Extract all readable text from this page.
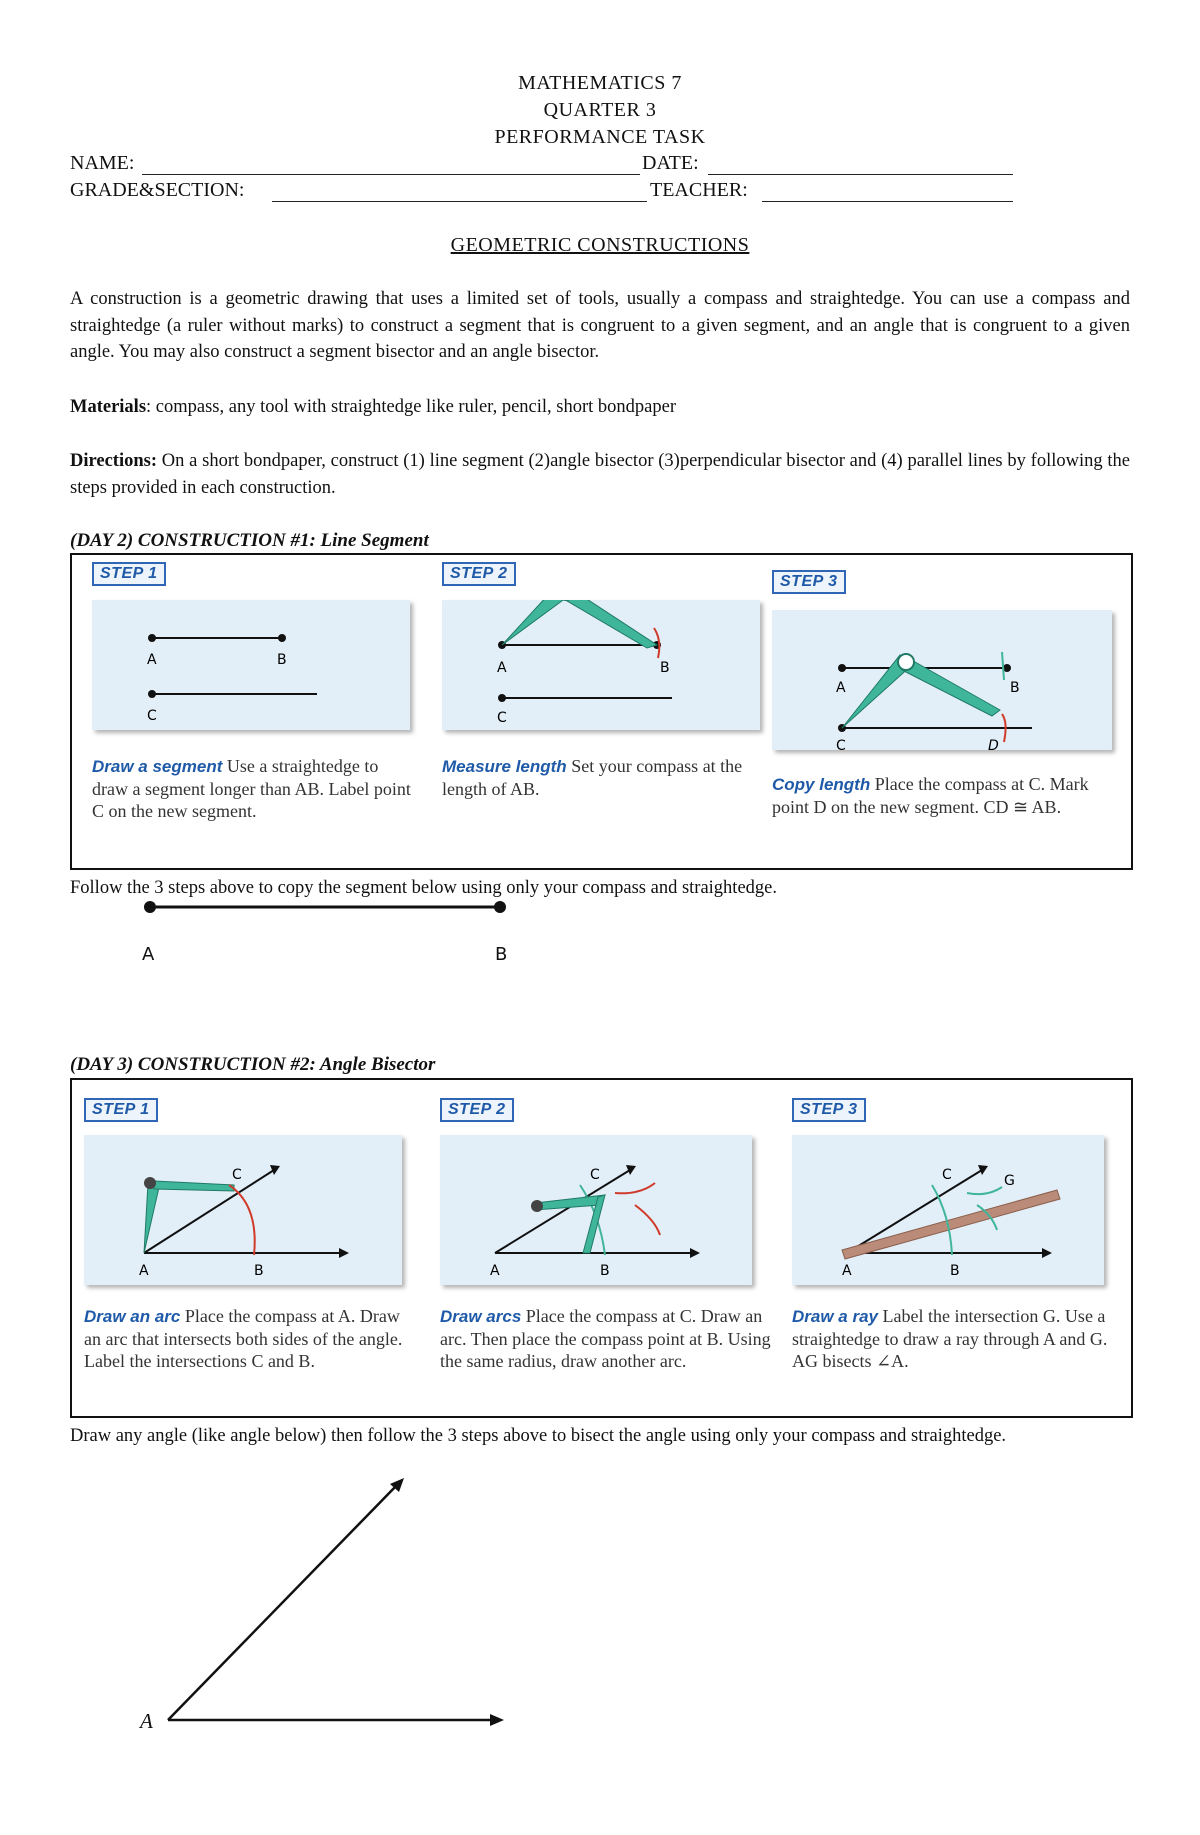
MATHEMATICS 7
QUARTER 3
PERFORMANCE TASK
NAME:	DATE:
GRADE&SECTION:	TEACHER:
GEOMETRIC CONSTRUCTIONS
A construction is a geometric drawing that uses a limited set of tools, usually a compass and straightedge. You can use a compass and straightedge (a ruler without marks) to construct a segment that is congruent to a given segment, and an angle that is congruent to a given angle. You may also construct a segment bisector and an angle bisector.
Materials: compass, any tool with straightedge like ruler, pencil, short bondpaper
Directions: On a short bondpaper, construct (1) line segment (2)angle bisector (3)perpendicular bisector and (4) parallel lines by following the steps provided in each construction.
(DAY 2) CONSTRUCTION #1: Line Segment
STEP 1
A	B
C
Draw a segment Use a straightedge to draw a segment longer than AB. Label point C on the new segment.
STEP 2
A	B
C
Measure length Set your compass at the length of AB.
STEP 3
A	B
C	D
Copy length Place the compass at C. Mark point D on the new segment. CD ≅ AB.
Follow the 3 steps above to copy the segment below using only your compass and straightedge.
A	B
(DAY 3) CONSTRUCTION #2: Angle Bisector
STEP 1
A	B
C
Draw an arc Place the compass at A. Draw an arc that intersects both sides of the angle. Label the intersections C and B.
STEP 2
A	B
C
Draw arcs Place the compass at C. Draw an arc. Then place the compass point at B. Using the same radius, draw another arc.
STEP 3
A	B
C	G
Draw a ray Label the intersection G. Use a straightedge to draw a ray through A and G. AG bisects ∠A.
Draw any angle (like angle below) then follow the 3 steps above to bisect the angle using only your compass and straightedge.
A
